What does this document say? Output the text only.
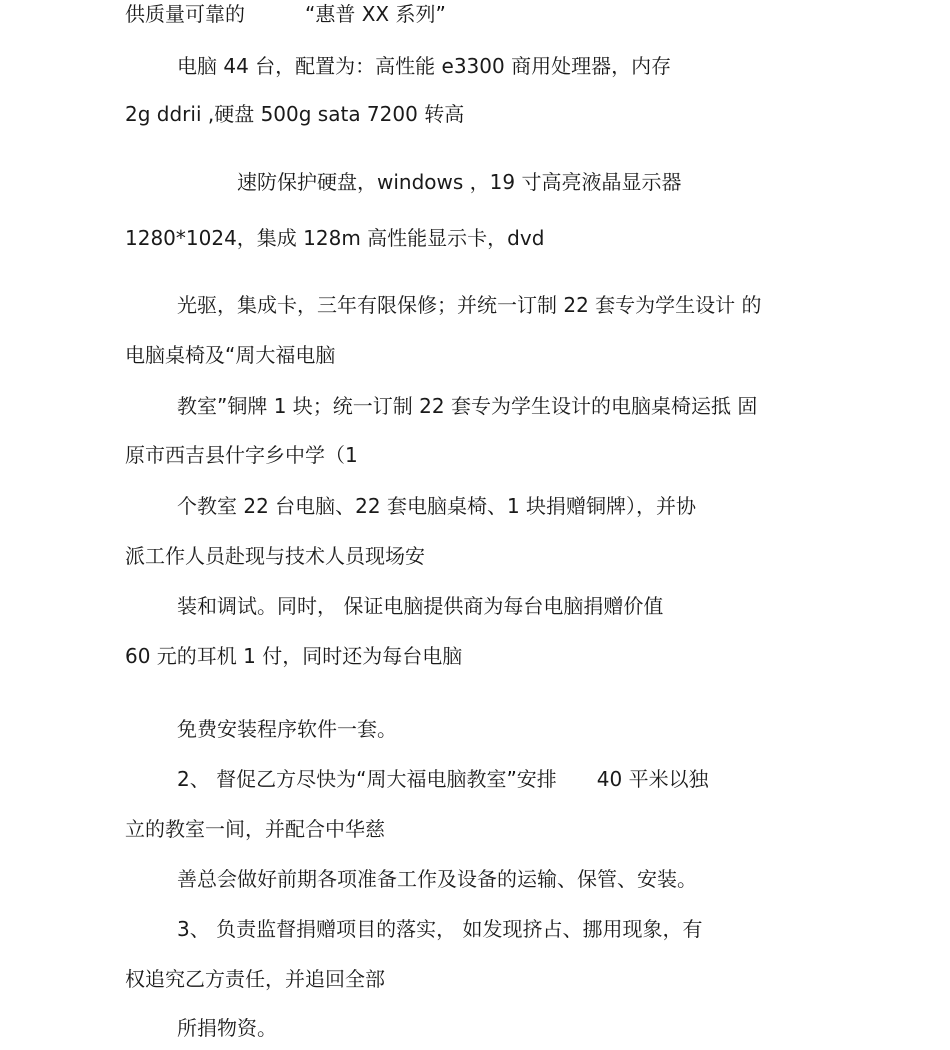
供质量可靠的　　　“惠普 XX 系列”
电脑 44 台，配置为：高性能 e3300 商用处理器，内存
2g ddrii ,硬盘 500g sata 7200 转高
速防保护硬盘，windows ，19 寸高亮液晶显示器
1280*1024，集成 128m 高性能显示卡，dvd
光驱，集成卡，三年有限保修；并统一订制 22 套专为学生设计 的
电脑桌椅及“周大福电脑
教室”铜牌 1 块；统一订制 22 套专为学生设计的电脑桌椅运抵 固
原市西吉县什字乡中学（1
个教室 22 台电脑、22 套电脑桌椅、1 块捐赠铜牌），并协
派工作人员赴现与技术人员现场安
装和调试。同时， 保证电脑提供商为每台电脑捐赠价值
60 元的耳机 1 付，同时还为每台电脑
免费安装程序软件一套。
2、 督促乙方尽快为“周大福电脑教室”安排　　40 平米以独
立的教室一间，并配合中华慈
善总会做好前期各项准备工作及设备的运输、保管、安装。
3、 负责监督捐赠项目的落实， 如发现挤占、挪用现象，有
权追究乙方责任，并追回全部
所捐物资。
